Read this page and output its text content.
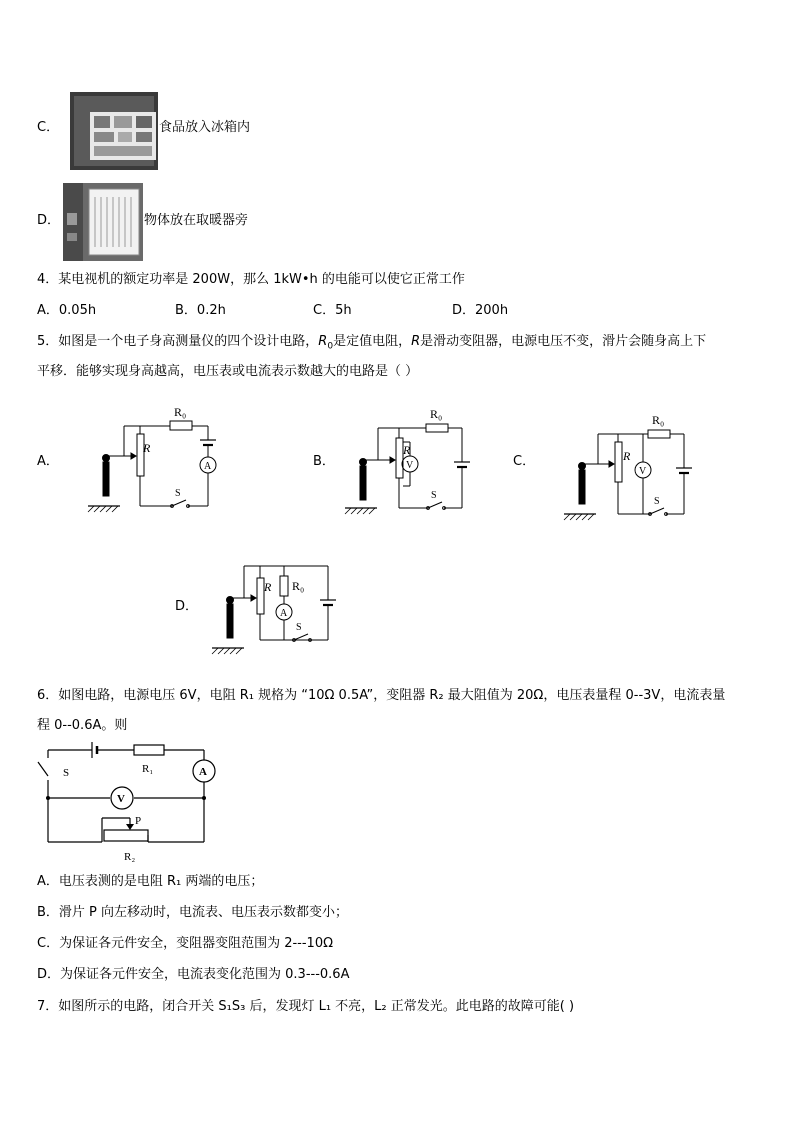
C．	食品放入冰箱内
D．	物体放在取暖器旁
4．某电视机的额定功率是 200W，那么 1kW•h 的电能可以使它正常工作
A．0.05h	B．0.2h	C．5h	D．200h
5．如图是一个电子身高测量仪的四个设计电路，$R_0$是定值电阻，R是滑动变阻器，电源电压不变，滑片会随身高上下
平移．能够实现身高越高，电压表或电流表示数越大的电路是（ ）
A．	B．	C．
D．
R
R₀
A
S
R
R₀
V
S
R
R₀
V
S
R R₀
A
S
6．如图电路，电源电压 6V，电阻 R₁ 规格为 “10Ω 0.5A”，变阻器 R₂ 最大阻值为 20Ω，电压表量程 0--3V，电流表量
程 0--0.6A。则
S	R₁	A
V
P
R₂
A．电压表测的是电阻 R₁ 两端的电压；
B．滑片 P 向左移动时，电流表、电压表示数都变小；
C．为保证各元件安全，变阻器变阻范围为 2---10Ω
D．为保证各元件安全，电流表变化范围为 0.3---0.6A
7．如图所示的电路，闭合开关 S₁S₃ 后，发现灯 L₁ 不亮，L₂ 正常发光。此电路的故障可能( )
